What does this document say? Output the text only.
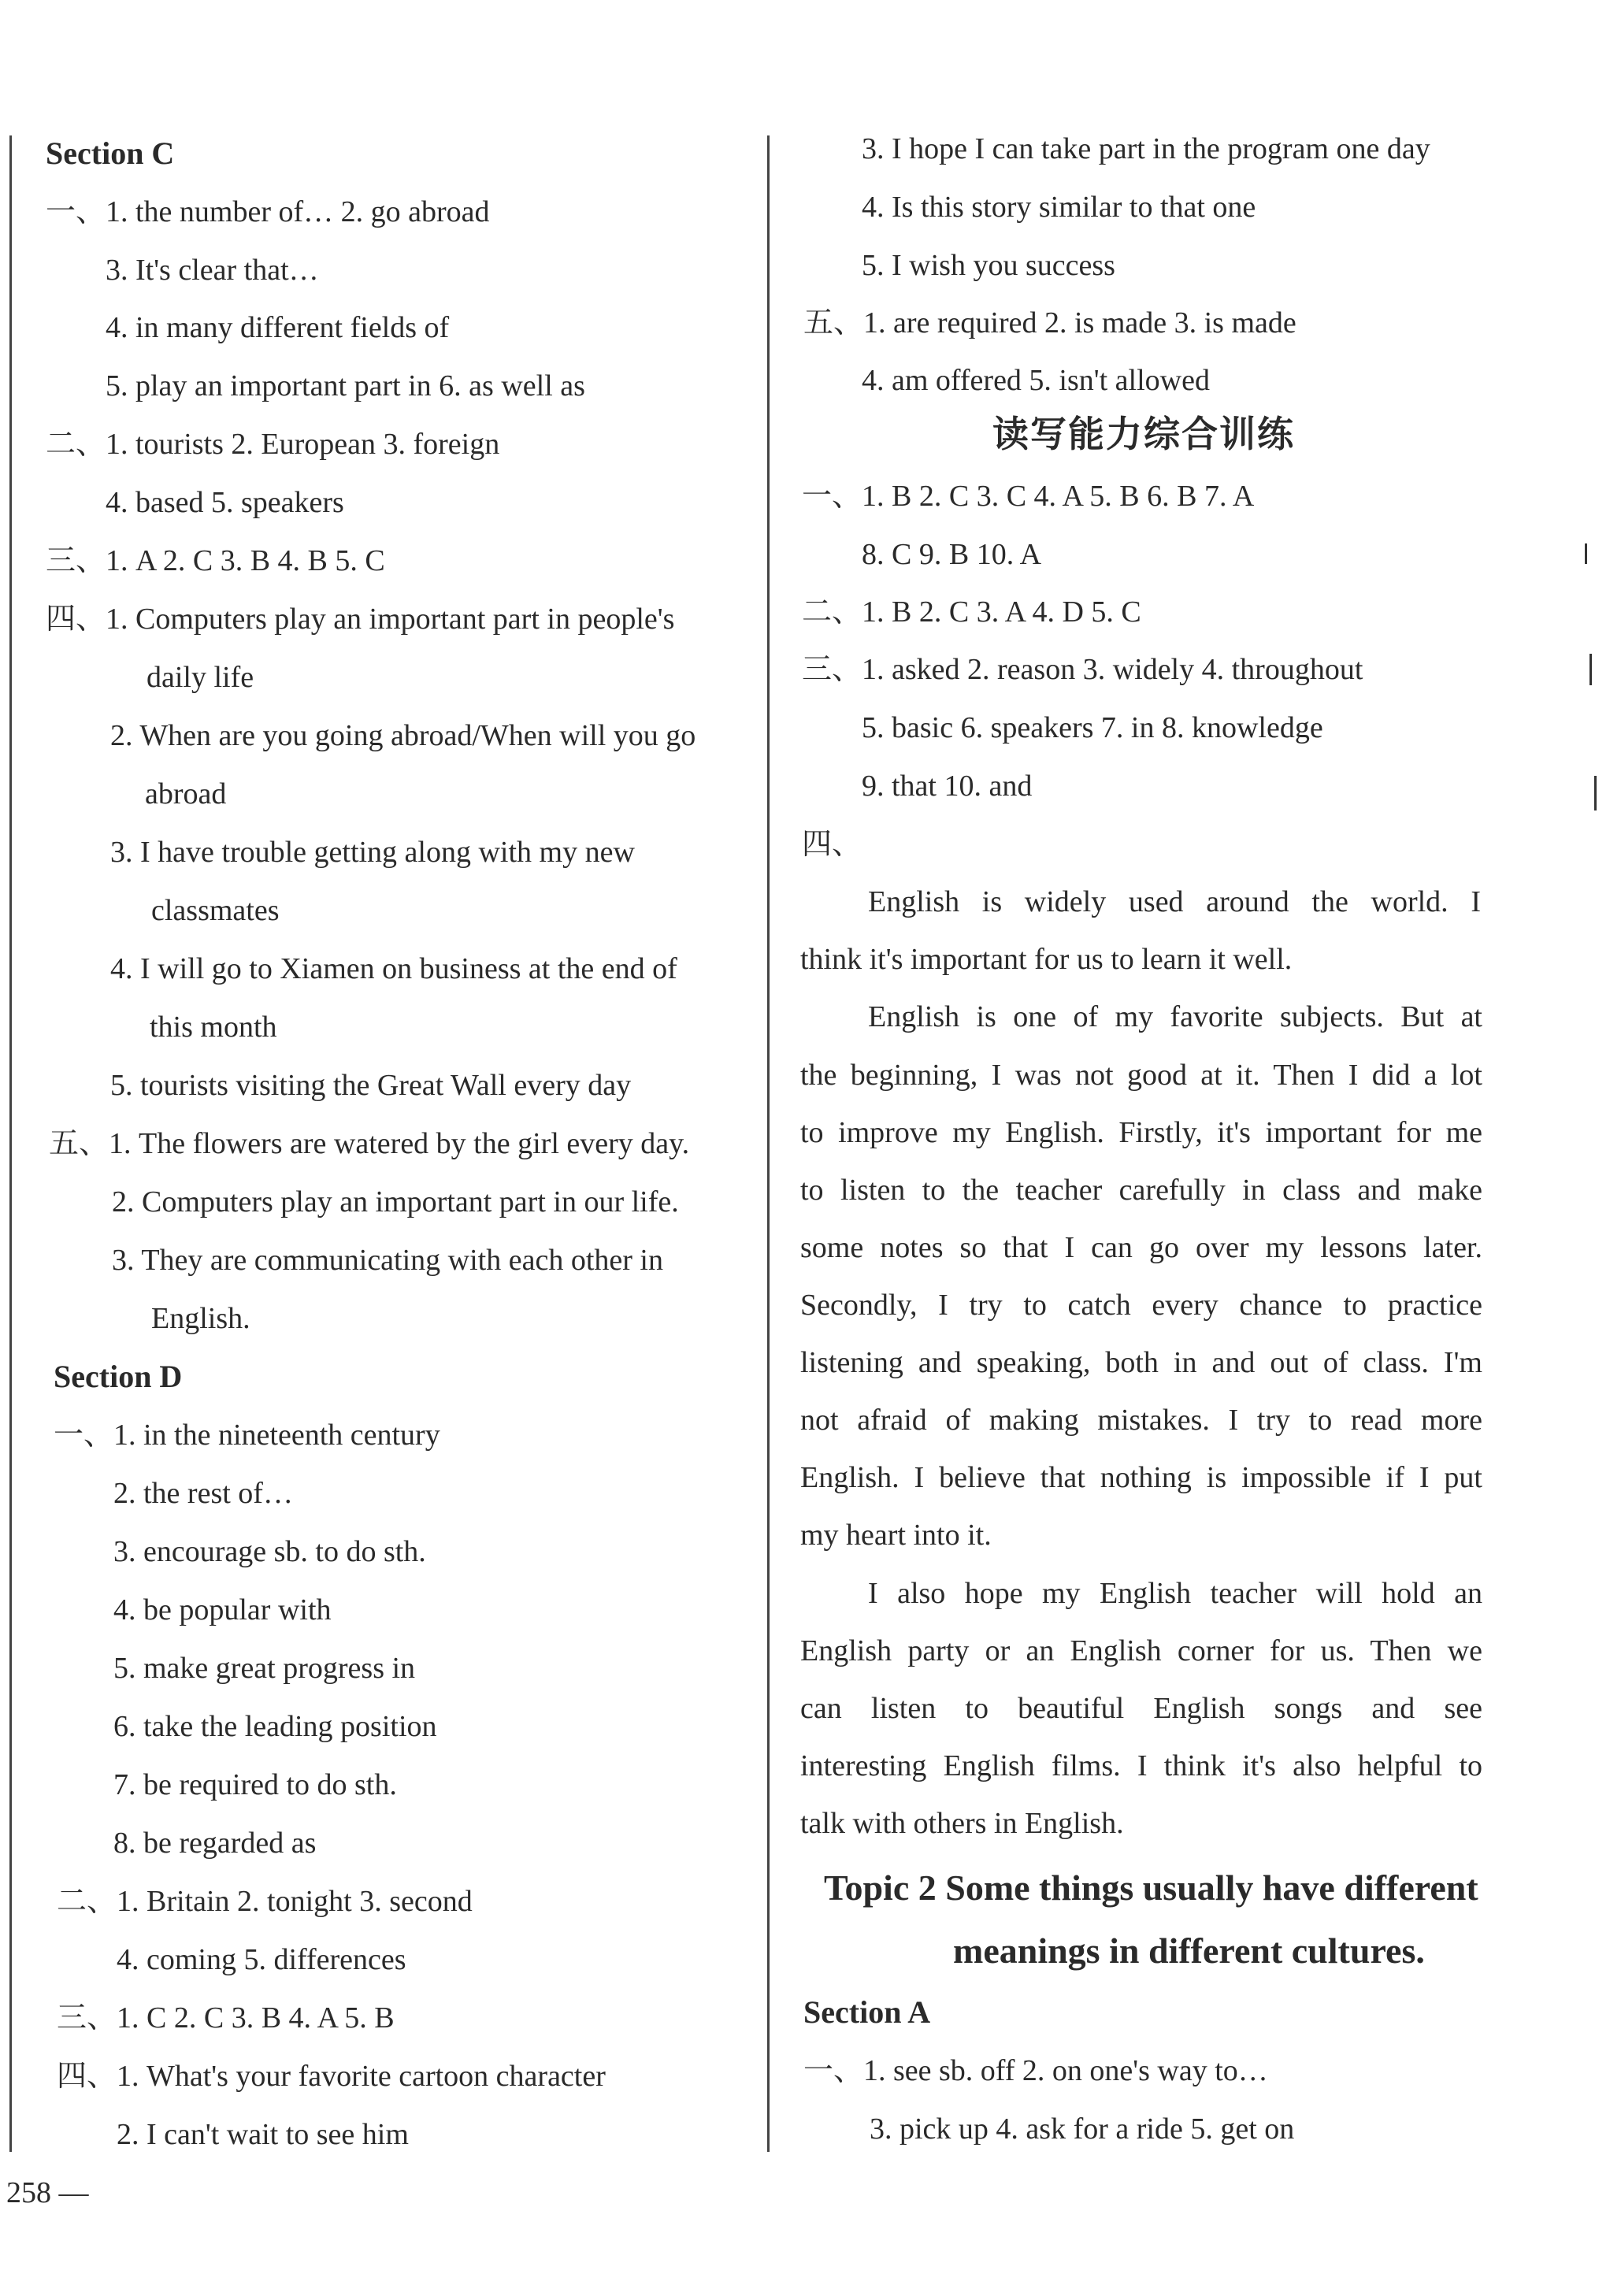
Section C
一、1. the number of… 2. go abroad
3. It's clear that…
4. in many different fields of
5. play an important part in 6. as well as
二、1. tourists 2. European 3. foreign
4. based 5. speakers
三、1. A 2. C 3. B 4. B 5. C
四、1. Computers play an important part in people's
daily life
2. When are you going abroad/When will you go
abroad
3. I have trouble getting along with my new
classmates
4. I will go to Xiamen on business at the end of
this month
5. tourists visiting the Great Wall every day
五、1. The flowers are watered by the girl every day.
2. Computers play an important part in our life.
3. They are communicating with each other in
English.
Section D
一、1. in the nineteenth century
2. the rest of…
3. encourage sb. to do sth.
4. be popular with
5. make great progress in
6. take the leading position
7. be required to do sth.
8. be regarded as
二、1. Britain 2. tonight 3. second
4. coming 5. differences
三、1. C 2. C 3. B 4. A 5. B
四、1. What's your favorite cartoon character
2. I can't wait to see him
3. I hope I can take part in the program one day
4. Is this story similar to that one
5. I wish you success
五、1. are required 2. is made 3. is made
4. am offered 5. isn't allowed
读写能力综合训练
一、1. B 2. C 3. C 4. A 5. B 6. B 7. A
8. C 9. B 10. A
二、1. B 2. C 3. A 4. D 5. C
三、1. asked 2. reason 3. widely 4. throughout
5. basic 6. speakers 7. in 8. knowledge
9. that 10. and
四、
English is widely used around the world. I
think it's important for us to learn it well.
English is one of my favorite subjects. But at
the beginning, I was not good at it. Then I did a lot
to improve my English. Firstly, it's important for me
to listen to the teacher carefully in class and make
some notes so that I can go over my lessons later.
Secondly, I try to catch every chance to practice
listening and speaking, both in and out of class. I'm
not afraid of making mistakes. I try to read more
English. I believe that nothing is impossible if I put
my heart into it.
I also hope my English teacher will hold an
English party or an English corner for us. Then we
can listen to beautiful English songs and see
interesting English films. I think it's also helpful to
talk with others in English.
Topic 2 Some things usually have different
meanings in different cultures.
Section A
一、1. see sb. off 2. on one's way to…
3. pick up 4. ask for a ride 5. get on
258 —
